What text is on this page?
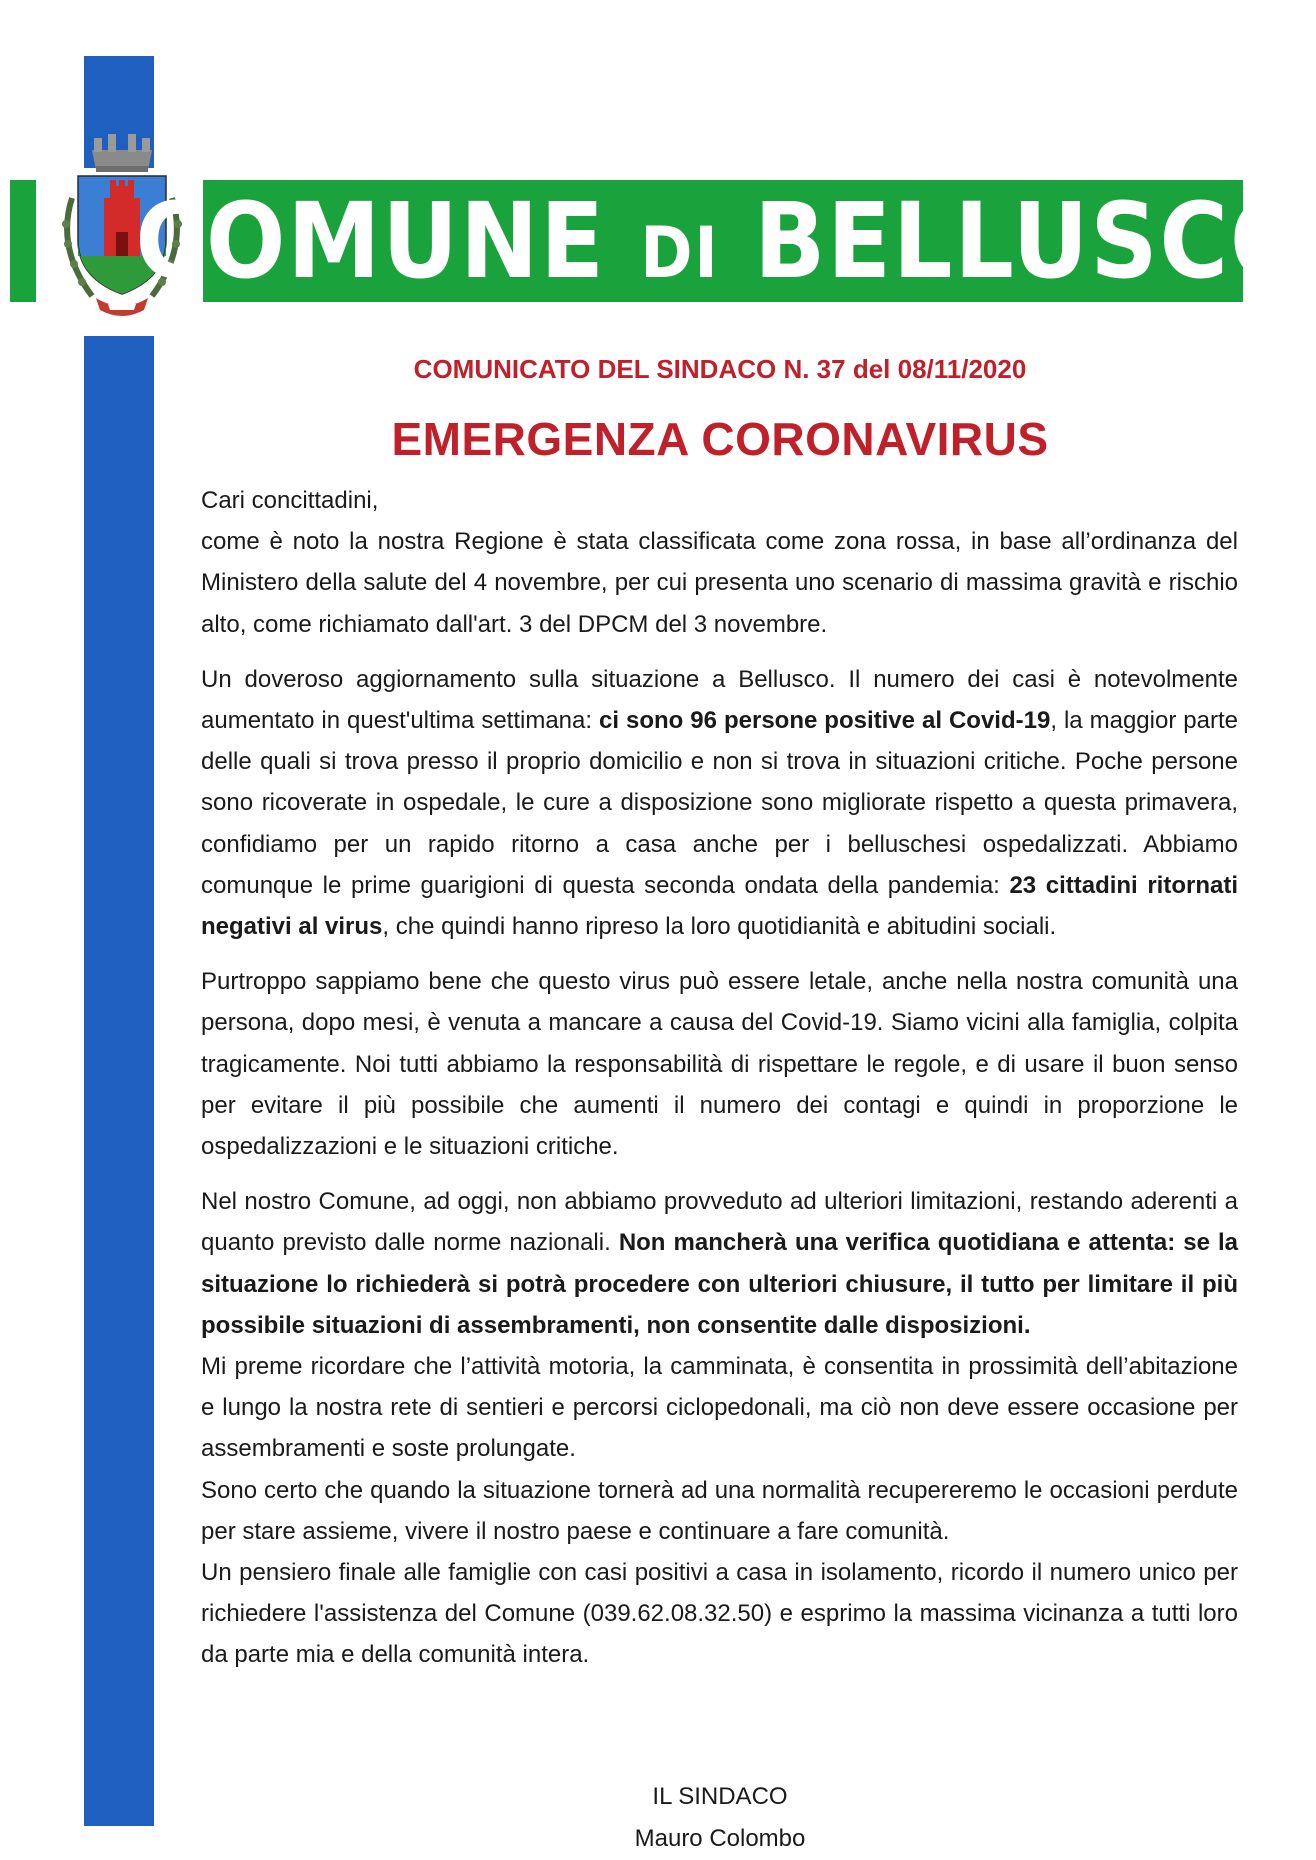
COMUNE DI BELLUSCO
COMUNICATO DEL SINDACO N. 37 del 08/11/2020
EMERGENZA CORONAVIRUS

Cari concittadini,

come è noto la nostra Regione è stata classificata come zona rossa, in base all’ordinanza del Ministero della salute del 4 novembre, per cui presenta uno scenario di massima gravità e rischio alto, come richiamato dall'art. 3 del DPCM del 3 novembre.

Un doveroso aggiornamento sulla situazione a Bellusco. Il numero dei casi è notevolmente aumentato in quest'ultima settimana: ci sono 96 persone positive al Covid-19, la maggior parte delle quali si trova presso il proprio domicilio e non si trova in situazioni critiche. Poche persone sono ricoverate in ospedale, le cure a disposizione sono migliorate rispetto a questa primavera, confidiamo per un rapido ritorno a casa anche per i belluschesi ospedalizzati. Abbiamo comunque le prime guarigioni di questa seconda ondata della pandemia: 23 cittadini ritornati negativi al virus, che quindi hanno ripreso la loro quotidianità e abitudini sociali.

Purtroppo sappiamo bene che questo virus può essere letale, anche nella nostra comunità una persona, dopo mesi, è venuta a mancare a causa del Covid-19. Siamo vicini alla famiglia, colpita tragicamente. Noi tutti abbiamo la responsabilità di rispettare le regole, e di usare il buon senso per evitare il più possibile che aumenti il numero dei contagi e quindi in proporzione le ospedalizzazioni e le situazioni critiche.

Nel nostro Comune, ad oggi, non abbiamo provveduto ad ulteriori limitazioni, restando aderenti a quanto previsto dalle norme nazionali. Non mancherà una verifica quotidiana e attenta: se la situazione lo richiederà si potrà procedere con ulteriori chiusure, il tutto per limitare il più possibile situazioni di assembramenti, non consentite dalle disposizioni.

Mi preme ricordare che l’attività motoria, la camminata, è consentita in prossimità dell’abitazione e lungo la nostra rete di sentieri e percorsi ciclopedonali, ma ciò non deve essere occasione per assembramenti e soste prolungate.

Sono certo che quando la situazione tornerà ad una normalità recupereremo le occasioni perdute per stare assieme, vivere il nostro paese e continuare a fare comunità.

Un pensiero finale alle famiglie con casi positivi a casa in isolamento, ricordo il numero unico per richiedere l'assistenza del Comune (039.62.08.32.50) e esprimo la massima vicinanza a tutti loro da parte mia e della comunità intera.

IL SINDACO
Mauro Colombo
